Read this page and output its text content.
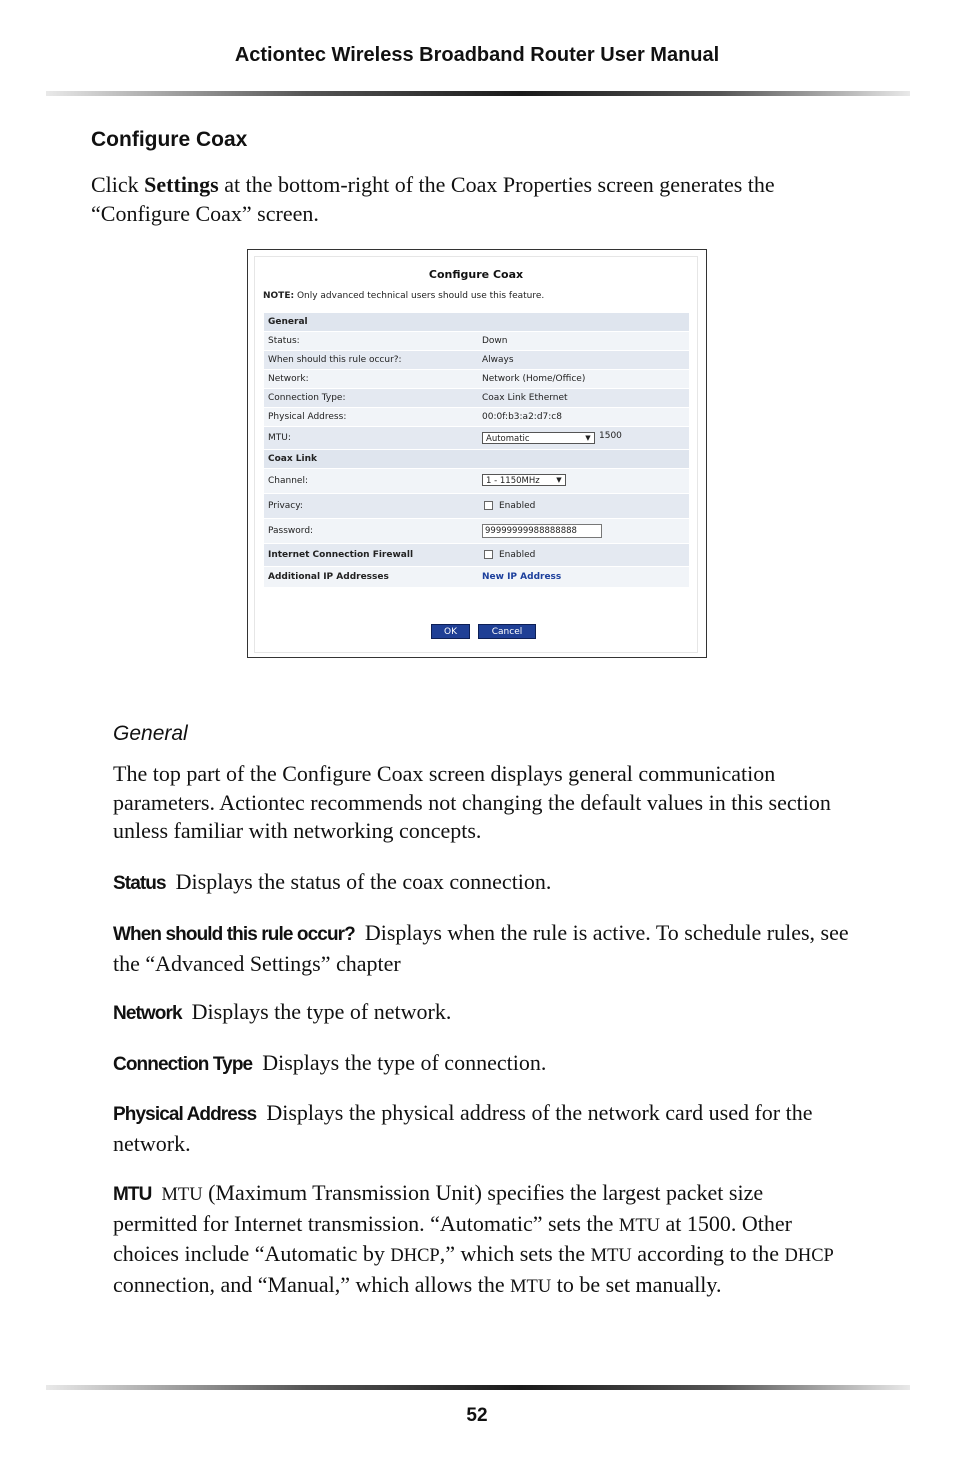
Actiontec Wireless Broadband Router User Manual
Configure Coax
Click Settings at the bottom-right of the Coax Properties screen generates the “Configure Coax” screen.
Configure Coax
NOTE: Only advanced technical users should use this feature.
General
Status:	Down
When should this rule occur?:	Always
Network:	Network (Home/Office)
Connection Type:	Coax Link Ethernet
Physical Address:	00:0f:b3:a2:d7:c8
MTU:	Automatic	▼ 1500
Coax Link
Channel:	1 - 1150MHz	▼
Privacy:	Enabled
Password:	99999999988888888
Internet Connection Firewall	Enabled
Additional IP Addresses	New IP Address
OK	Cancel
General
The top part of the Configure Coax screen displays general communication parameters. Actiontec recommends not changing the default values in this section unless familiar with networking concepts.
Status Displays the status of the coax connection.
When should this rule occur? Displays when the rule is active. To schedule rules, see the “Advanced Settings” chapter
Network Displays the type of network.
Connection Type Displays the type of connection.
Physical Address Displays the physical address of the network card used for the network.
MTU MTU (Maximum Transmission Unit) specifies the largest packet size permitted for Internet transmission. “Automatic” sets the MTU at 1500. Other choices include “Automatic by DHCP,” which sets the MTU according to the DHCP connection, and “Manual,” which allows the MTU to be set manually.
52
